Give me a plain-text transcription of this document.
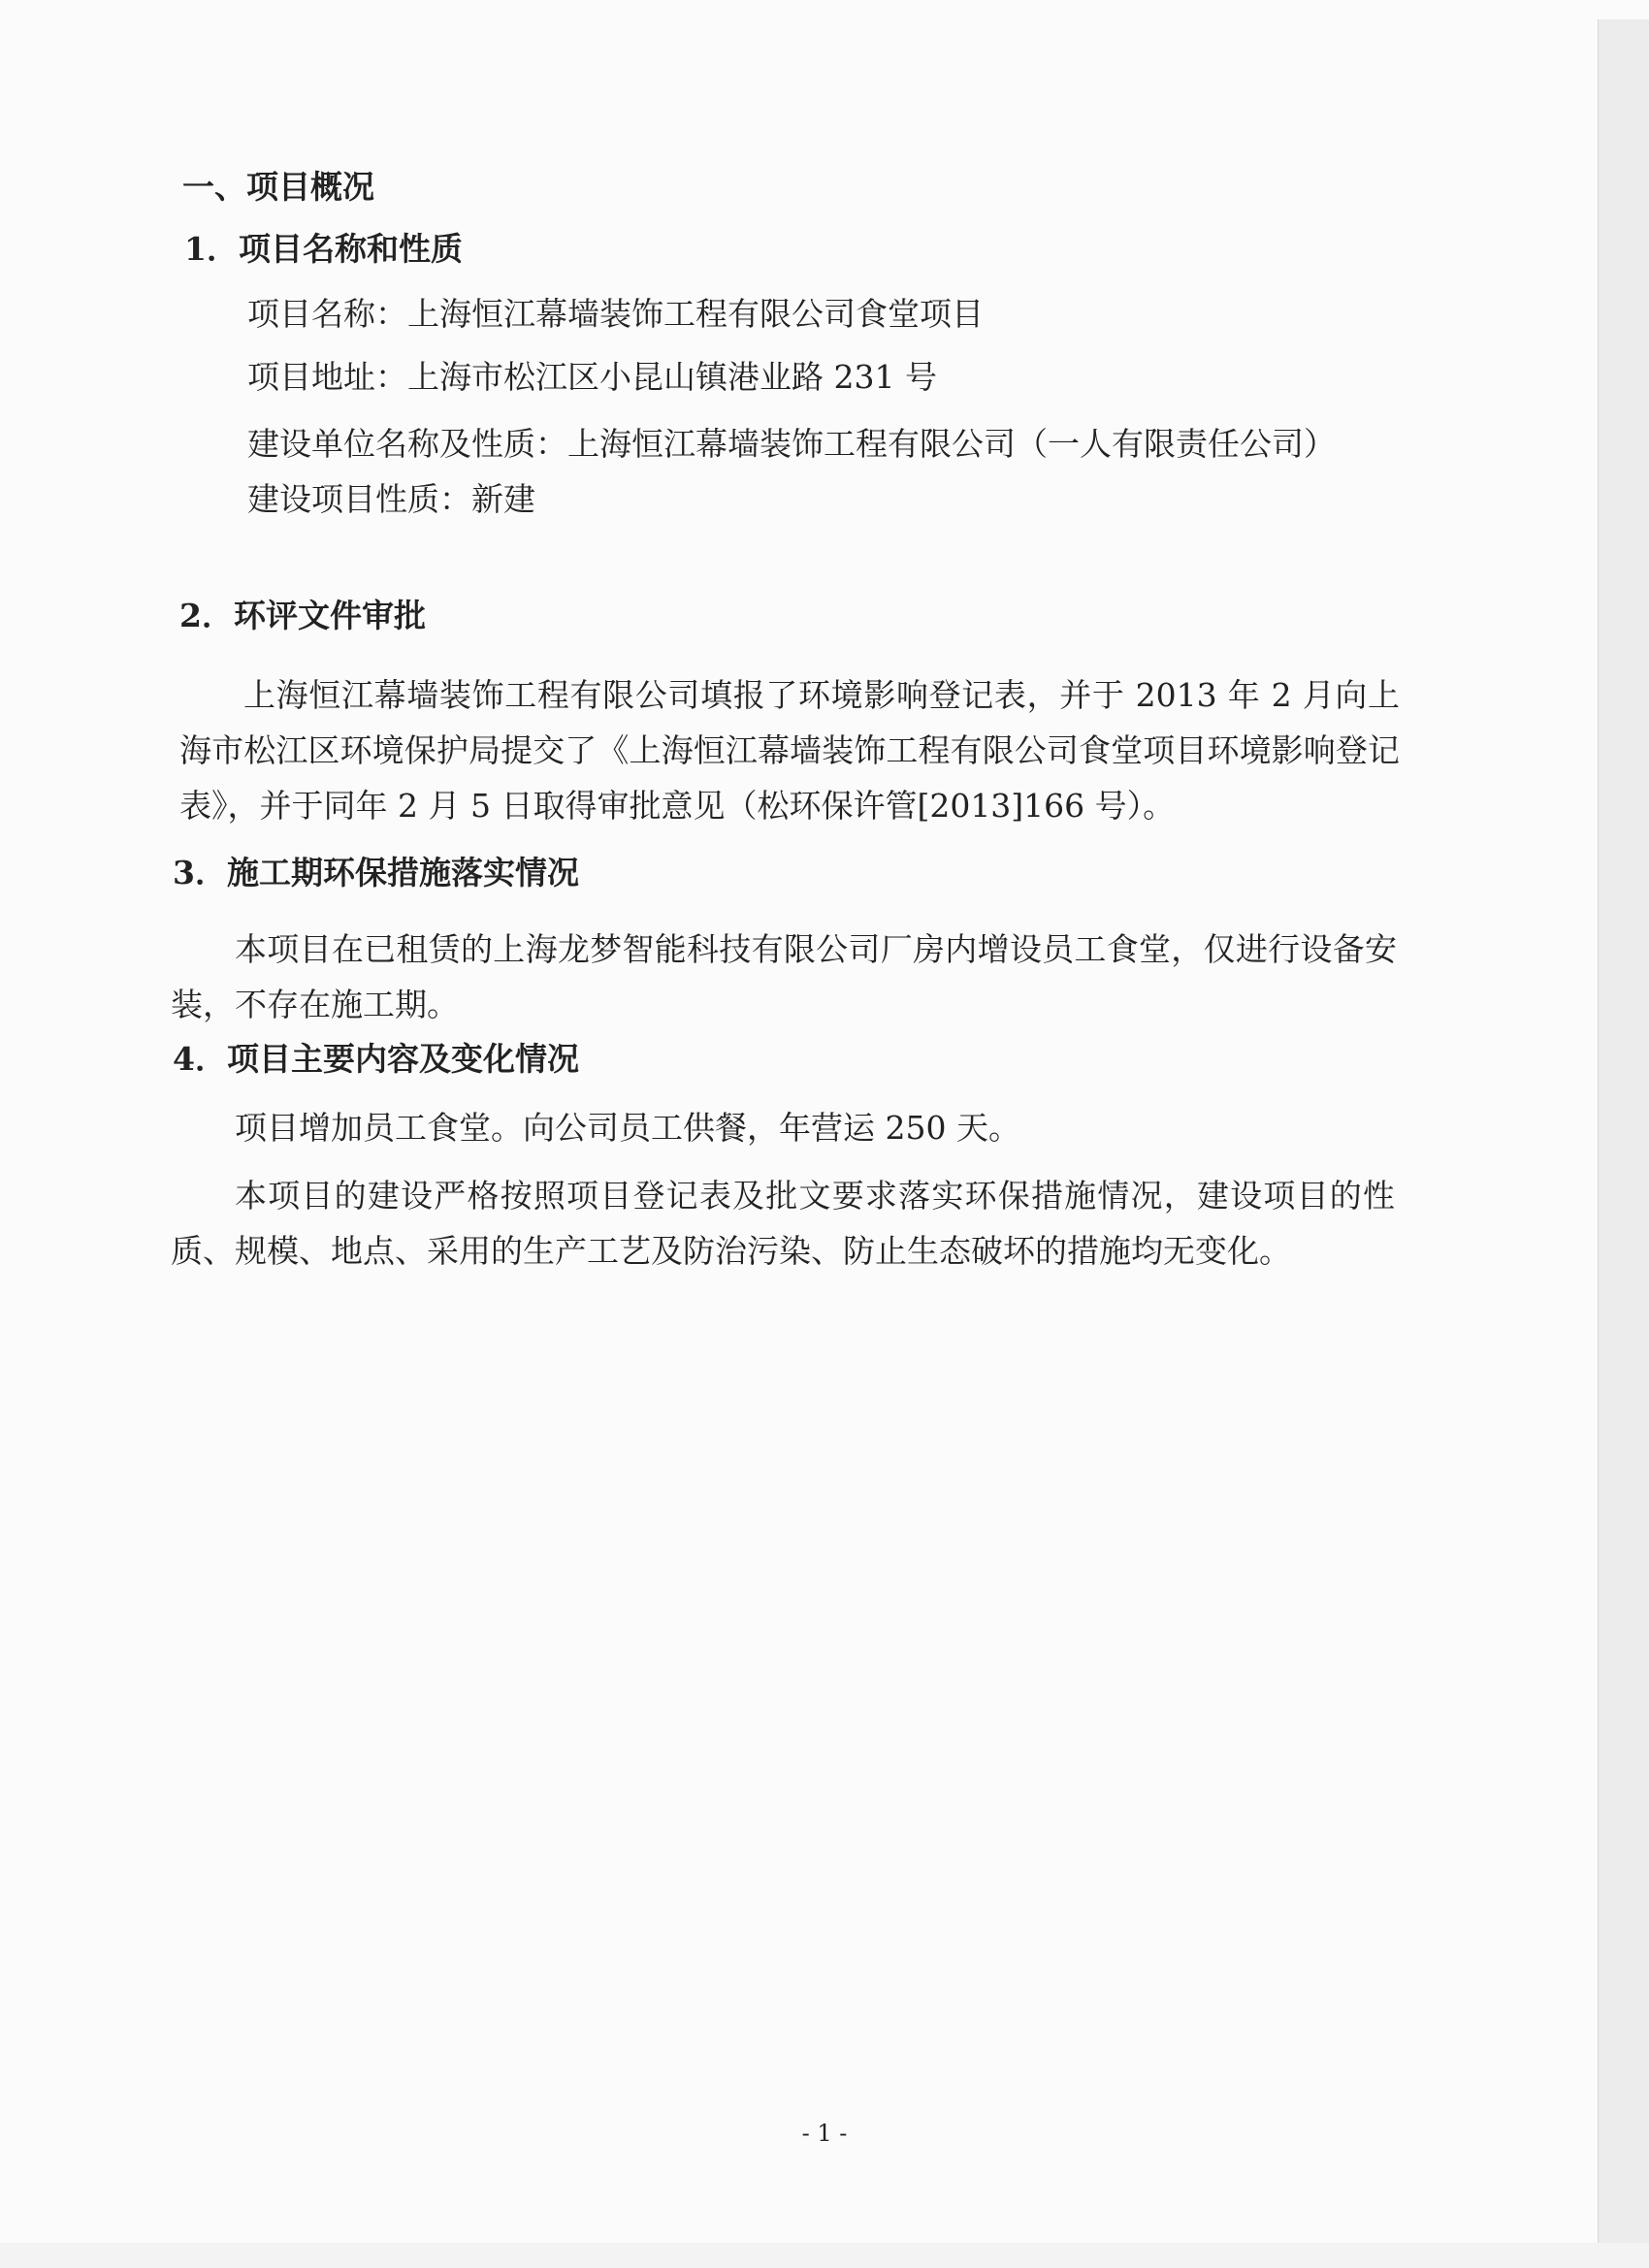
一、项目概况
1．项目名称和性质
项目名称：上海恒江幕墙装饰工程有限公司食堂项目
项目地址：上海市松江区小昆山镇港业路 231 号
建设单位名称及性质：上海恒江幕墙装饰工程有限公司（一人有限责任公司）
建设项目性质：新建
2．环评文件审批
上海恒江幕墙装饰工程有限公司填报了环境影响登记表，并于 2013 年 2 月向上海市松江区环境保护局提交了《上海恒江幕墙装饰工程有限公司食堂项目环境影响登记表》，并于同年 2 月 5 日取得审批意见（松环保许管[2013]166 号）。
3．施工期环保措施落实情况
本项目在已租赁的上海龙梦智能科技有限公司厂房内增设员工食堂，仅进行设备安装，不存在施工期。
4．项目主要内容及变化情况
项目增加员工食堂。向公司员工供餐，年营运 250 天。
本项目的建设严格按照项目登记表及批文要求落实环保措施情况，建设项目的性质、规模、地点、采用的生产工艺及防治污染、防止生态破坏的措施均无变化。
- 1 -
